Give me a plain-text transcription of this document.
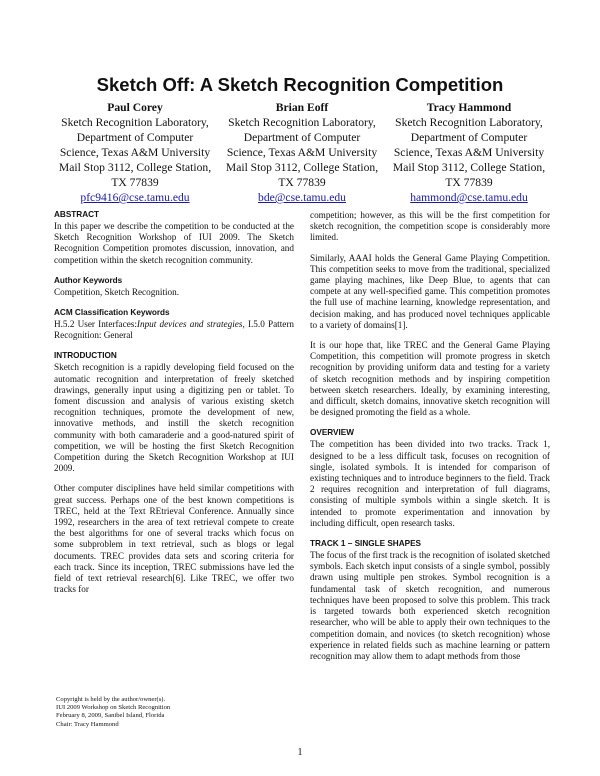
Sketch Off: A Sketch Recognition Competition
Paul Corey
Sketch Recognition Laboratory,
Department of Computer
Science, Texas A&M University
Mail Stop 3112, College Station,
TX 77839
pfc9416@cse.tamu.edu
Brian Eoff
Sketch Recognition Laboratory,
Department of Computer
Science, Texas A&M University
Mail Stop 3112, College Station,
TX 77839
bde@cse.tamu.edu
Tracy Hammond
Sketch Recognition Laboratory,
Department of Computer
Science, Texas A&M University
Mail Stop 3112, College Station,
TX 77839
hammond@cse.tamu.edu
ABSTRACT

In this paper we describe the competition to be conducted at the Sketch Recognition Workshop of IUI 2009. The Sketch Recognition Competition promotes discussion, innovation, and competition within the sketch recognition community.

Author Keywords

Competition, Sketch Recognition.

ACM Classification Keywords

H.5.2 User Interfaces:Input devices and strategies, I.5.0 Pattern Recognition: General

INTRODUCTION

Sketch recognition is a rapidly developing field focused on the automatic recognition and interpretation of freely sketched drawings, generally input using a digitizing pen or tablet. To foment discussion and analysis of various existing sketch recognition techniques, promote the development of new, innovative methods, and instill the sketch recognition community with both camaraderie and a good-natured spirit of competition, we will be hosting the first Sketch Recognition Competition during the Sketch Recognition Workshop at IUI 2009.

Other computer disciplines have held similar competitions with great success. Perhaps one of the best known competitions is TREC, held at the Text REtrieval Conference. Annually since 1992, researchers in the area of text retrieval compete to create the best algorithms for one of several tracks which focus on some subproblem in text retrieval, such as blogs or legal documents. TREC provides data sets and scoring criteria for each track. Since its inception, TREC submissions have led the field of text retrieval research[6]. Like TREC, we offer two tracks for

Copyright is held by the author/owner(s).
IUI 2009 Workshop on Sketch Recognition
February 8, 2009, Sanibel Island, Florida
Chair: Tracy Hammond

competition; however, as this will be the first competition for sketch recognition, the competition scope is considerably more limited.

Similarly, AAAI holds the General Game Playing Competition. This competition seeks to move from the traditional, specialized game playing machines, like Deep Blue, to agents that can compete at any well-specified game. This competition promotes the full use of machine learning, knowledge representation, and decision making, and has produced novel techniques applicable to a variety of domains[1].

It is our hope that, like TREC and the General Game Playing Competition, this competition will promote progress in sketch recognition by providing uniform data and testing for a variety of sketch recognition methods and by inspiring competition between sketch researchers. Ideally, by examining interesting, and difficult, sketch domains, innovative sketch recognition will be designed promoting the field as a whole.

OVERVIEW

The competition has been divided into two tracks. Track 1, designed to be a less difficult task, focuses on recognition of single, isolated symbols. It is intended for comparison of existing techniques and to introduce beginners to the field. Track 2 requires recognition and interpretation of full diagrams, consisting of multiple symbols within a single sketch. It is intended to promote experimentation and innovation by including difficult, open research tasks.

TRACK 1 – SINGLE SHAPES

The focus of the first track is the recognition of isolated sketched symbols. Each sketch input consists of a single symbol, possibly drawn using multiple pen strokes. Symbol recognition is a fundamental task of sketch recognition, and numerous techniques have been proposed to solve this problem. This track is targeted towards both experienced sketch recognition researcher, who will be able to apply their own techniques to the competition domain, and novices (to sketch recognition) whose experience in related fields such as machine learning or pattern recognition may allow them to adapt methods from those

1
